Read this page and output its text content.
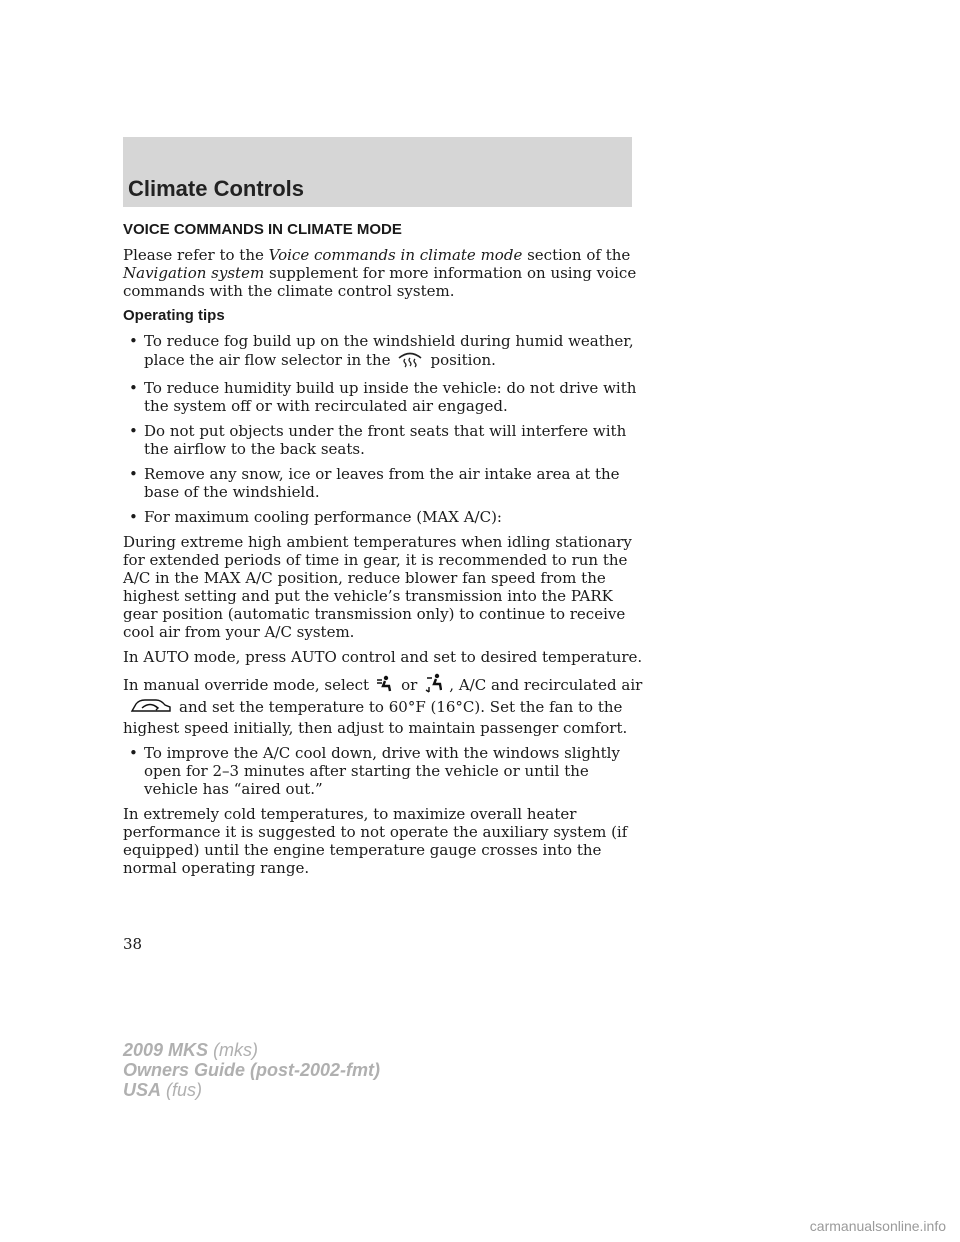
Climate Controls
VOICE COMMANDS IN CLIMATE MODE

Please refer to the Voice commands in climate mode section of the Navigation system supplement for more information on using voice commands with the climate control system.

Operating tips
• To reduce fog build up on the windshield during humid weather, place the air flow selector in the	position.
• To reduce humidity build up inside the vehicle: do not drive with the system off or with recirculated air engaged.
• Do not put objects under the front seats that will interfere with the airflow to the back seats.
• Remove any snow, ice or leaves from the air intake area at the base of the windshield.
• For maximum cooling performance (MAX A/C):

During extreme high ambient temperatures when idling stationary for extended periods of time in gear, it is recommended to run the A/C in the MAX A/C position, reduce blower fan speed from the highest setting and put the vehicle’s transmission into the PARK gear position (automatic transmission only) to continue to receive cool air from your A/C system.

In AUTO mode, press AUTO control and set to desired temperature.

In manual override mode, select or , A/C and recirculated airand set the temperature to 60°F (16°C). Set the fan to the highest speed initially, then adjust to maintain passenger comfort.

• To improve the A/C cool down, drive with the windows slightly open for 2–3 minutes after starting the vehicle or until the vehicle has “aired out.”

In extremely cold temperatures, to maximize overall heater performance it is suggested to not operate the auxiliary system (if equipped) until the engine temperature gauge crosses into the normal operating range.

38
2009 MKS (mks)
Owners Guide (post-2002-fmt)
USA (fus)
carmanualsonline.info
